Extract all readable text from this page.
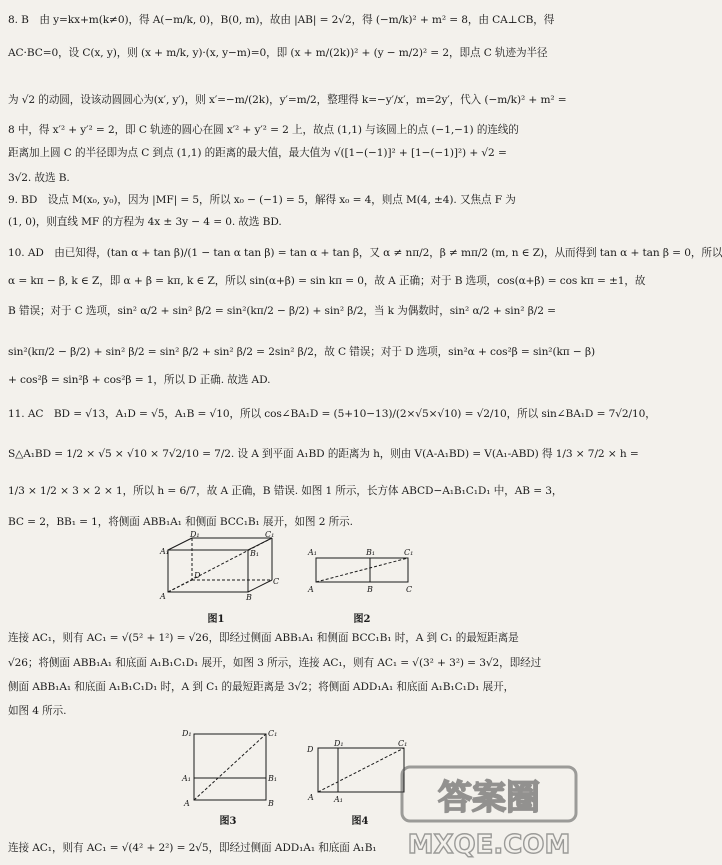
8. B　由 y=kx+m(k≠0)，得 A(−m/k, 0)，B(0, m)，故由 |AB| = 2√2，得 (−m/k)² + m² = 8，由 CA⊥CB，得
AC·BC=0，设 C(x, y)，则 (x + m/k, y)·(x, y−m)=0，即 (x + m/(2k))² + (y − m/2)² = 2，即点 C 轨迹为半径
为 √2 的动圆，设该动圆圆心为(x′, y′)，则 x′=−m/(2k)，y′=m/2，整理得 k=−y′/x′，m=2y′，代入 (−m/k)² + m² =
8 中，得 x′² + y′² = 2，即 C 轨迹的圆心在圆 x′² + y′² = 2 上，故点 (1,1) 与该圆上的点 (−1,−1) 的连线的
距离加上圆 C 的半径即为点 C 到点 (1,1) 的距离的最大值，最大值为 √([1−(−1)]² + [1−(−1)]²) + √2 =
3√2. 故选 B.
9. BD　设点 M(x₀, y₀)，因为 |MF| = 5，所以 x₀ − (−1) = 5，解得 x₀ = 4，则点 M(4, ±4). 又焦点 F 为
(1, 0)，则直线 MF 的方程为 4x ± 3y − 4 = 0. 故选 BD.
10. AD　由已知得，(tan α + tan β)/(1 − tan α tan β) = tan α + tan β，又 α ≠ nπ/2，β ≠ mπ/2 (m, n ∈ Z)，从而得到 tan α + tan β = 0，所以
α = kπ − β, k ∈ Z，即 α + β = kπ, k ∈ Z，所以 sin(α+β) = sin kπ = 0，故 A 正确；对于 B 选项，cos(α+β) = cos kπ = ±1，故
B 错误；对于 C 选项，sin² α/2 + sin² β/2 = sin²(kπ/2 − β/2) + sin² β/2，当 k 为偶数时，sin² α/2 + sin² β/2 =
sin²(kπ/2 − β/2) + sin² β/2 = sin² β/2 + sin² β/2 = 2sin² β/2，故 C 错误；对于 D 选项，sin²α + cos²β = sin²(kπ − β)
+ cos²β = sin²β + cos²β = 1，所以 D 正确. 故选 AD.
11. AC　BD = √13，A₁D = √5，A₁B = √10，所以 cos∠BA₁D = (5+10−13)/(2×√5×√10) = √2/10，所以 sin∠BA₁D = 7√2/10，
S△A₁BD = 1/2 × √5 × √10 × 7√2/10 = 7/2. 设 A 到平面 A₁BD 的距离为 h，则由 V(A-A₁BD) = V(A₁-ABD) 得 1/3 × 7/2 × h =
1/3 × 1/2 × 3 × 2 × 1，所以 h = 6/7，故 A 正确，B 错误. 如图 1 所示，长方体 ABCD−A₁B₁C₁D₁ 中，AB = 3，
BC = 2，BB₁ = 1，将侧面 ABB₁A₁ 和侧面 BCC₁B₁ 展开，如图 2 所示.
D₁	C₁
A₁	B₁
D
C
A	B
图1
A₁	B₁	C₁
A	B	C
图2
连接 AC₁，则有 AC₁ = √(5² + 1²) = √26，即经过侧面 ABB₁A₁ 和侧面 BCC₁B₁ 时，A 到 C₁ 的最短距离是
√26；将侧面 ABB₁A₁ 和底面 A₁B₁C₁D₁ 展开，如图 3 所示，连接 AC₁，则有 AC₁ = √(3² + 3²) = 3√2，即经过
侧面 ABB₁A₁ 和底面 A₁B₁C₁D₁ 时，A 到 C₁ 的最短距离是 3√2；将侧面 ADD₁A₁ 和底面 A₁B₁C₁D₁ 展开，
如图 4 所示.
D₁	C₁
A₁	B₁
A	B
图3
D
D₁	C₁
A	A₁
图4
连接 AC₁，则有 AC₁ = √(4² + 2²) = 2√5，即经过侧面 ADD₁A₁ 和底面 A₁B₁
答案圈
MXQE.COM
